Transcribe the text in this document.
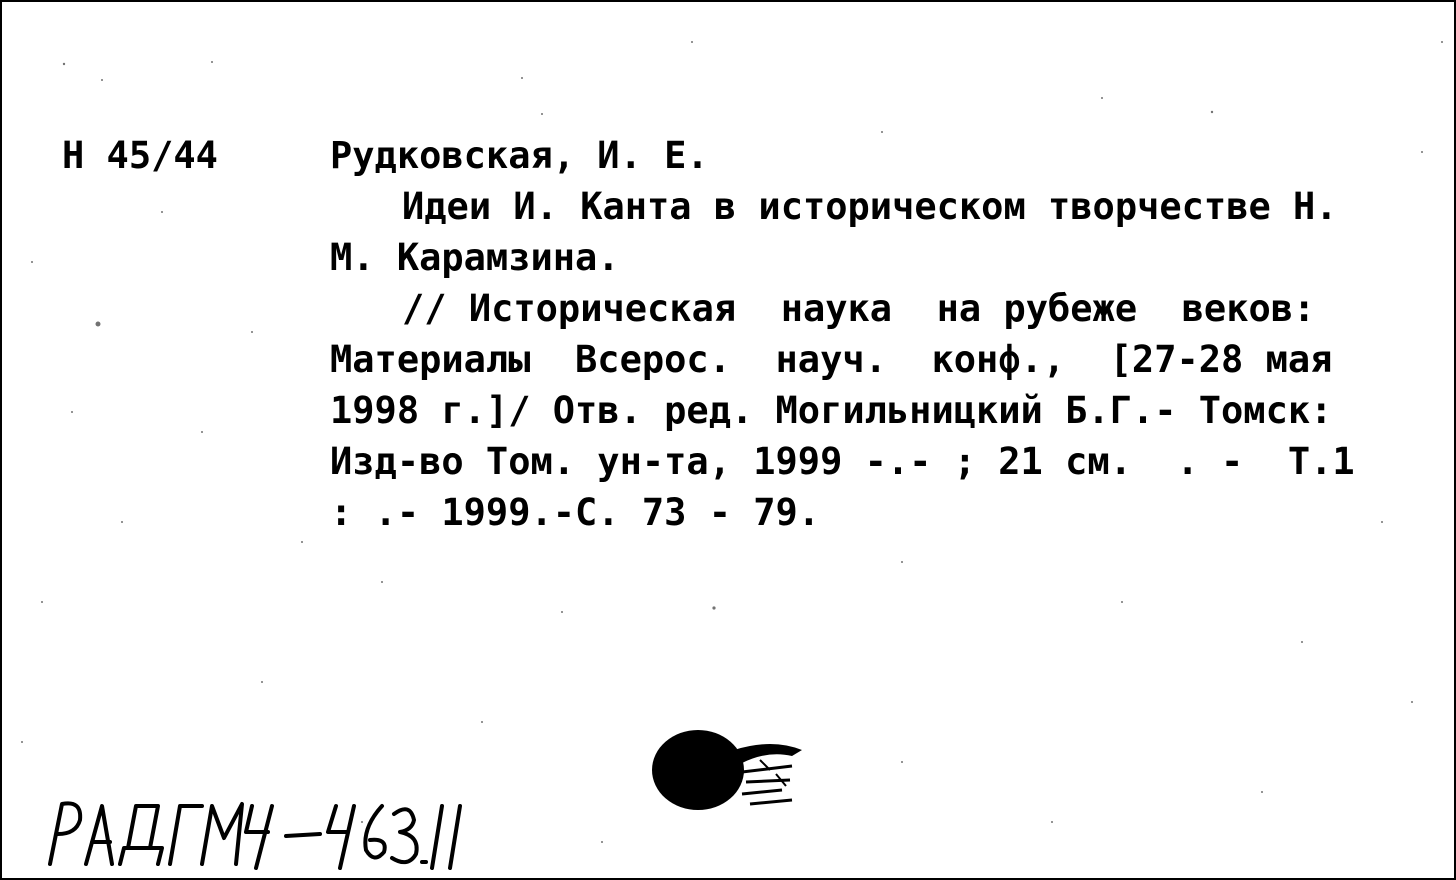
Н 45/44	Рудковская, И. Е.
Идеи И. Канта в историческом творчестве Н.
М. Карамзина.
// Историческая  наука  на рубеже  веков:
Материалы  Всерос.  науч.  конф.,  [27-28 мая
1998 г.]/ Отв. ред. Могильницкий Б.Г.- Томск:
Изд-во Том. ун-та, 1999 -.- ; 21 см.  . -  Т.1
: .- 1999.-С. 73 - 79.
